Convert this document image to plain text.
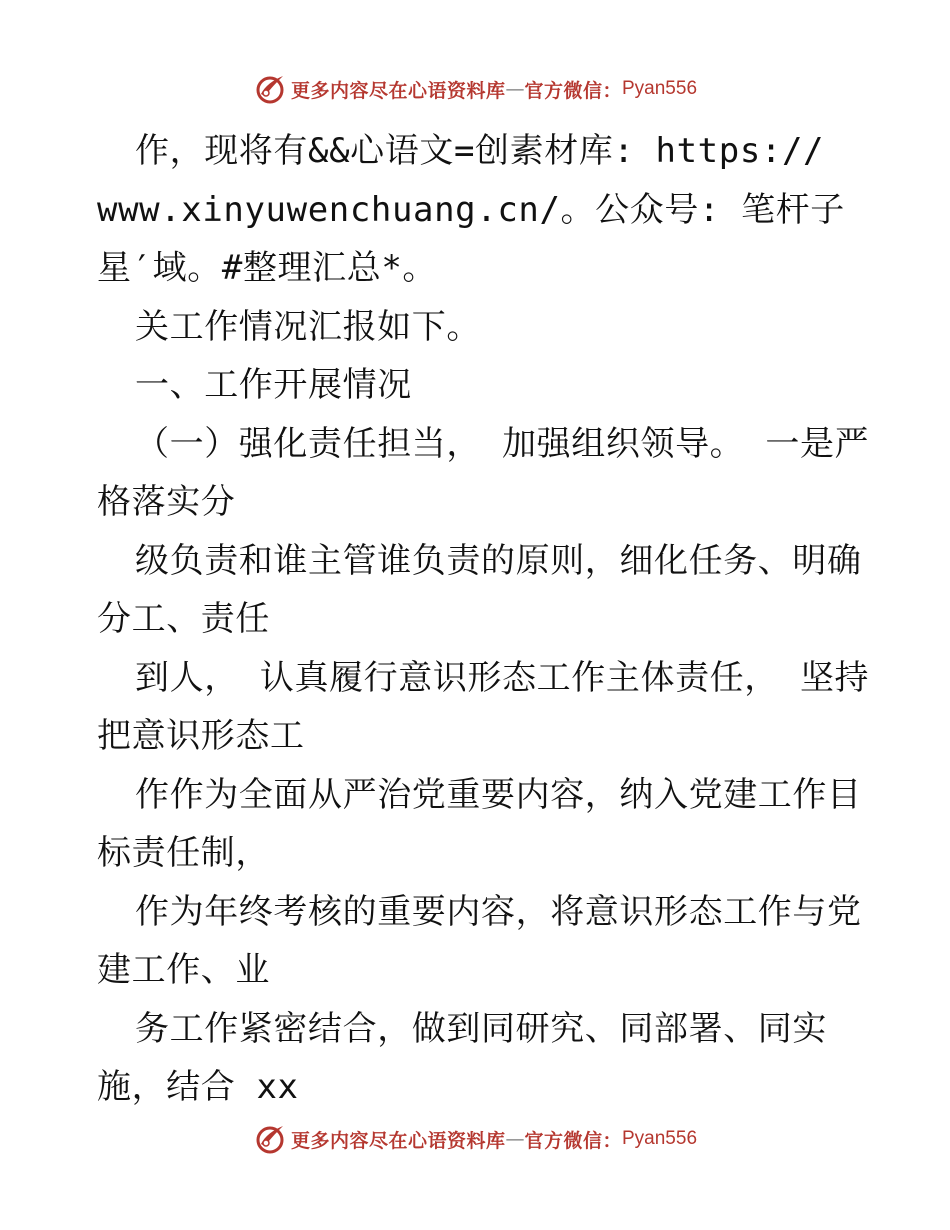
更多内容尽在心语资料库 — 官方微信： Pyan556
作，现将有&&心语文=创素材库: https://
www.xinyuwenchuang.cn/。公众号: 笔杆子
星′域。#整理汇总*。
关工作情况汇报如下。
一、工作开展情况
（一）强化责任担当， 加强组织领导。 一是严
格落实分
级负责和谁主管谁负责的原则，细化任务、明确
分工、责任
到人， 认真履行意识形态工作主体责任， 坚持
把意识形态工
作作为全面从严治党重要内容，纳入党建工作目
标责任制，
作为年终考核的重要内容，将意识形态工作与党
建工作、业
务工作紧密结合，做到同研究、同部署、同实
施，结合 xx
更多内容尽在心语资料库 — 官方微信： Pyan556
